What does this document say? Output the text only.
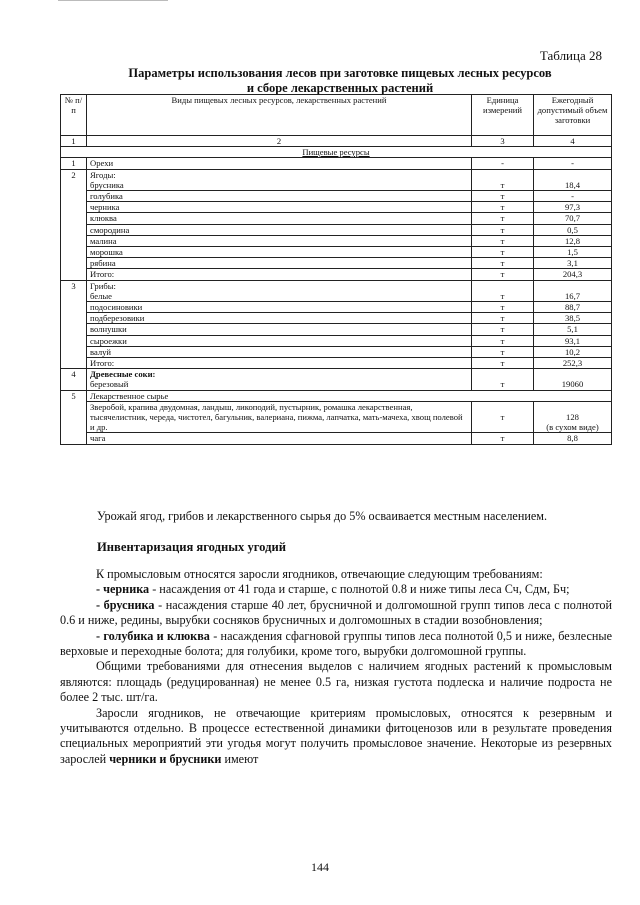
Таблица 28
Параметры использования лесов при заготовке пищевых лесных ресурсов
и сборе лекарственных растений
№ п/п	Виды пищевых лесных ресурсов, лекарственных растений	Единица измерений	Ежегодный допустимый объем заготовки
1	2	3	4
Пищевые ресурсы			
1	Орехи	-	-
2	Ягоды:		
	брусника	т	18,4
	голубика	т	-
	черника	т	97,3
	клюква	т	70,7
	смородина	т	0,5
	малина	т	12,8
	морошка	т	1,5
	рябина	т	3,1
	Итого:	т	204,3
3	Грибы:		
	белые	т	16,7
	подосиновики	т	88,7
	подберезовики	т	38,5
	волнушки	т	5,1
	сыроежки	т	93,1
	валуй	т	10,2
	Итого:	т	252,3
4	Древесные соки:
березовый	т	19060
5	Лекарственное сырье		
	Зверобой, крапива двудомная, ландыш, ликоподий, пустырник, ромашка лекарственная, тысячелистник, череда, чистотел, багульник, валериана, пижма, лапчатка, мать-мачеха, хвощ полевой и др.	т	128
(в сухом виде)

	чага	т	8,8
Урожай ягод, грибов и лекарственного сырья до 5% осваивается местным населением.
Инвентаризация ягодных угодий
К промысловым относятся заросли ягодников, отвечающие следующим требованиям:
- черника - насаждения от 41 года и старше, с полнотой 0.8 и ниже типы леса Сч, Сдм, Бч;
- брусника - насаждения старше 40 лет, брусничной и долгомошной групп типов леса с полнотой 0.6 и ниже, редины, вырубки сосняков брусничных и долгомошных в стадии возобновления;
- голубика и клюква - насаждения сфагновой группы типов леса полнотой 0,5 и ниже, безлесные верховые и переходные болота; для голубики, кроме того, вырубки долгомошной группы.
Общими требованиями для отнесения выделов с наличием ягодных растений к промысловым являются: площадь (редуцированная) не менее 0.5 га, низкая густота подлеска и наличие подроста не более 2 тыс. шт/га.
Заросли ягодников, не отвечающие критериям промысловых, относятся к резервным и учитываются отдельно. В процессе естественной динамики фитоценозов или в результате проведения специальных мероприятий эти угодья могут получить промысловое значение. Некоторые из резервных зарослей черники и брусники имеют
144
